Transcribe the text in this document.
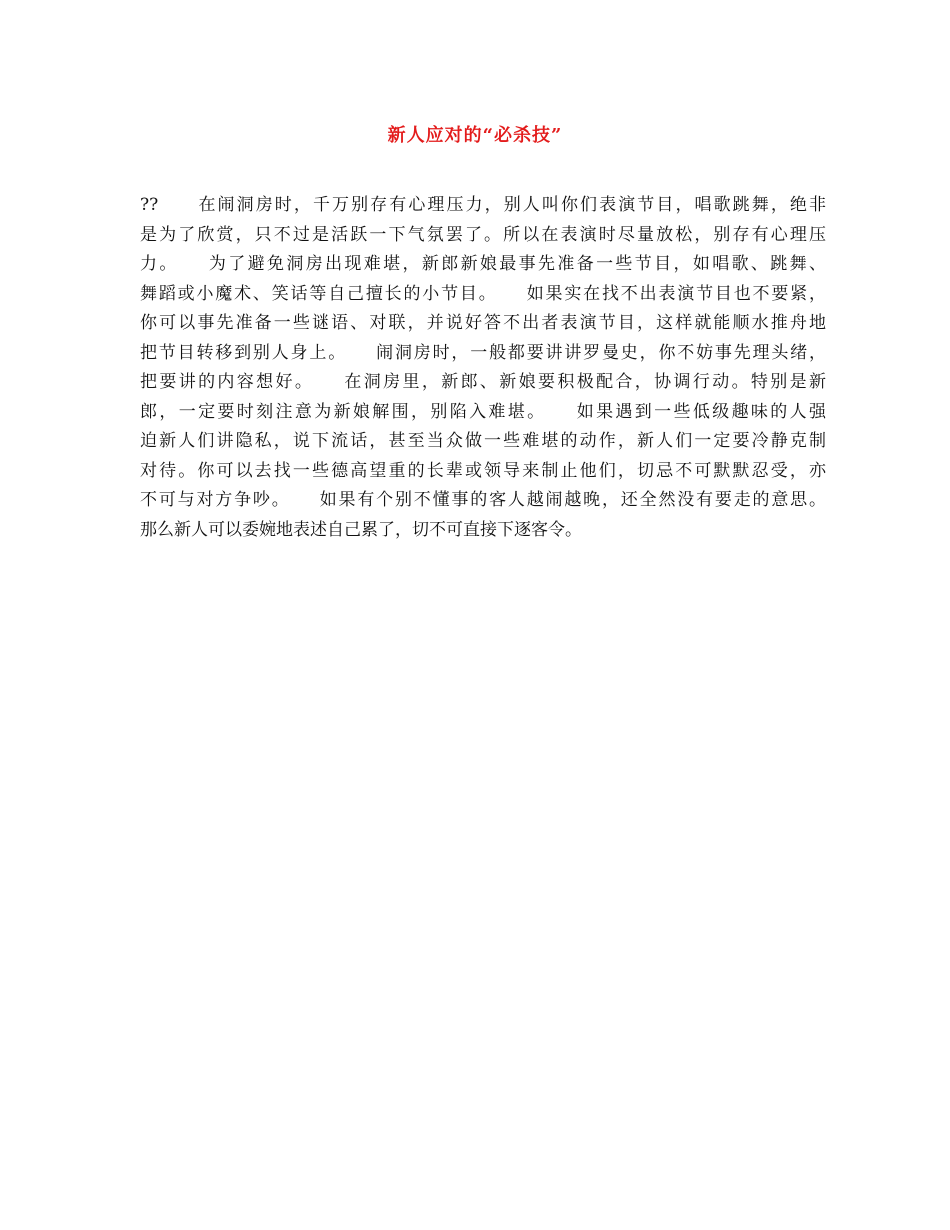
新人应对的“必杀技”
??　　在闹洞房时，千万别存有心理压力，别人叫你们表演节目，唱歌跳舞，绝非
是为了欣赏，只不过是活跃一下气氛罢了。所以在表演时尽量放松，别存有心理压
力。　　为了避免洞房出现难堪，新郎新娘最事先准备一些节目，如唱歌、跳舞、
舞蹈或小魔术、笑话等自己擅长的小节目。　　如果实在找不出表演节目也不要紧，
你可以事先准备一些谜语、对联，并说好答不出者表演节目，这样就能顺水推舟地
把节目转移到别人身上。　　闹洞房时，一般都要讲讲罗曼史，你不妨事先理头绪，
把要讲的内容想好。　　在洞房里，新郎、新娘要积极配合，协调行动。特别是新
郎，一定要时刻注意为新娘解围，别陷入难堪。　　如果遇到一些低级趣味的人强
迫新人们讲隐私，说下流话，甚至当众做一些难堪的动作，新人们一定要冷静克制
对待。你可以去找一些德高望重的长辈或领导来制止他们，切忌不可默默忍受，亦
不可与对方争吵。　　如果有个别不懂事的客人越闹越晚，还全然没有要走的意思。
那么新人可以委婉地表述自己累了，切不可直接下逐客令。
